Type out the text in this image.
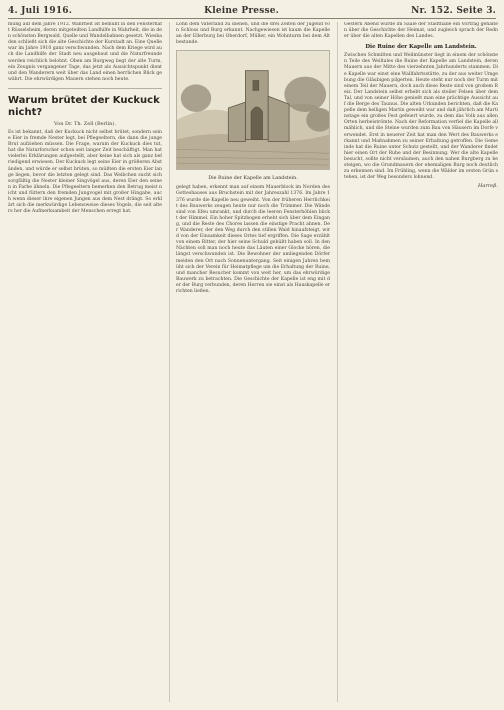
4. Juli 1916.	Kleine Presse.	Nr. 152. Seite 3.
mung auf dem Jahre 1912. Wahrheit ist bemüht in den Fensterhaft Rüsselsheim, deren mitgeteilten Landhilfe in Wahrheit, die in den schönsten Bergwald, Quelle und Wandelbahnen gesetzt. Wiesbaden schließt sich die alte Geschichte der Kurstadt an. Eine Quelle war im Jahre 1910 ganz verschwunden. Nach dem Kriege wird auch die Landhilfe der Stadt neu ausgebaut und die Naturfreunde werden reichlich belohnt. Oben am Burgweg liegt der alte Turm, ein Zeugnis vergangener Tage, das jetzt als Aussichtspunkt dient und den Wanderern weit über das Land einen herrlichen Blick gewährt. Die ehrwürdigen Mauern stehen noch heute.
Warum brütet der Kuckuck nicht?
Von Dr. Th. Zell (Berlin).
Es ist bekannt, daß der Kuckuck nicht selbst brütet, sondern seine Eier in fremde Nester legt, bei Pflegeeltern, die dann die junge Brut aufziehen müssen. Die Frage, warum der Kuckuck dies tut, hat die Naturforscher schon seit langer Zeit beschäftigt. Man hat vielerlei Erklärungen aufgestellt, aber keine hat sich als ganz befriedigend erwiesen. Der Kuckuck legt seine Eier in größeren Abständen, und würde er selbst brüten, so müßten die ersten Eier lange liegen, bevor die letzten gelegt sind. Das Weibchen sucht sich sorgfältig die Nester kleiner Singvögel aus, deren Eier den seinen in Farbe ähneln. Die Pflegeeltern bemerken den Betrug meist nicht und füttern den fremden Jungvogel mit großer Hingabe, auch wenn dieser ihre eigenen Jungen aus dem Nest drängt. So erklärt sich die merkwürdige Lebensweise dieses Vogels, die seit alters her die Aufmerksamkeit der Menschen erregt hat.
Lohn dem Vaterland zu dienen, und die drei Zeiten der Jugend von Schloss und Burg erkannt. Nachgewiesen ist kaum die Kapelle an der Ellerburg bei Oberdorf, Müller, ein Wohnturm bei dem Altbestande.
Die Ruine der Kapelle am Landstein.
gelegt haben, erkennt man auf einem Mauerblock im Norden des Gotteshauses aus Bruchstein mit der Jahreszahl 1376. Im Jahre 1376 wurde die Kapelle neu geweiht. Von der früheren Herrlichkeit des Bauwerks zeugen heute nur noch die Trümmer. Die Wände sind von Efeu umrankt, und durch die leeren Fensterhöhlen blickt der Himmel. Ein hoher Spitzbogen erhebt sich über dem Eingang, und die Reste des Chores lassen die einstige Pracht ahnen. Der Wanderer, der den Weg durch den stillen Wald hinaufsteigt, wird von der Einsamkeit dieses Ortes tief ergriffen. Die Sage erzählt von einem Ritter, der hier seine Schuld gebüßt haben soll. In den Nächten soll man noch heute das Läuten einer Glocke hören, die längst verschwunden ist. Die Bewohner der umliegenden Dörfer meiden den Ort nach Sonnenuntergang. Seit einigen Jahren bemüht sich der Verein für Heimatpflege um die Erhaltung der Ruine, und mancher Besucher kommt von weit her, um das ehrwürdige Bauwerk zu betrachten. Die Geschichte der Kapelle ist eng mit der der Burg verbunden, deren Herren sie einst als Hauskapelle errichten ließen.
Gestern Abend wurde im Saale der Stadthalle ein Vortrag gehalten über die Geschichte der Heimat, und zugleich sprach der Redner über die alten Kapellen des Landes.
Die Ruine der Kapelle am Landstein.
Zwischen Schmitten und Weilmünster liegt in einem der schönsten Teile des Weiltales die Ruine der Kapelle am Landstein, deren Mauern aus der Mitte des vierzehnten Jahrhunderts stammen. Die Kapelle war einst eine Wallfahrtsstätte, zu der aus weiter Umgebung die Gläubigen pilgerten. Heute steht nur noch der Turm mit einem Teil der Mauern, doch auch diese Reste sind von großem Reiz. Der Landstein selbst erhebt sich als steiler Felsen über dem Tal, und von seiner Höhe genießt man eine prächtige Aussicht auf die Berge des Taunus. Die alten Urkunden berichten, daß die Kapelle dem heiligen Martin geweiht war und daß jährlich am Martinstage ein großes Fest gefeiert wurde, zu dem das Volk aus allen Orten herbeiströmte. Nach der Reformation verfiel die Kapelle allmählich, und die Steine wurden zum Bau von Häusern im Dorfe verwendet. Erst in neuerer Zeit hat man den Wert des Bauwerks erkannt und Maßnahmen zu seiner Erhaltung getroffen. Die Gemeinde hat die Ruine unter Schutz gestellt, und der Wanderer findet hier einen Ort der Ruhe und der Besinnung. Wer die alte Kapelle besucht, sollte nicht versäumen, auch den nahen Burgberg zu besteigen, wo die Grundmauern der ehemaligen Burg noch deutlich zu erkennen sind. Im Frühling, wenn die Wälder im ersten Grün stehen, ist der Weg besonders lohnend.
Harreß.
